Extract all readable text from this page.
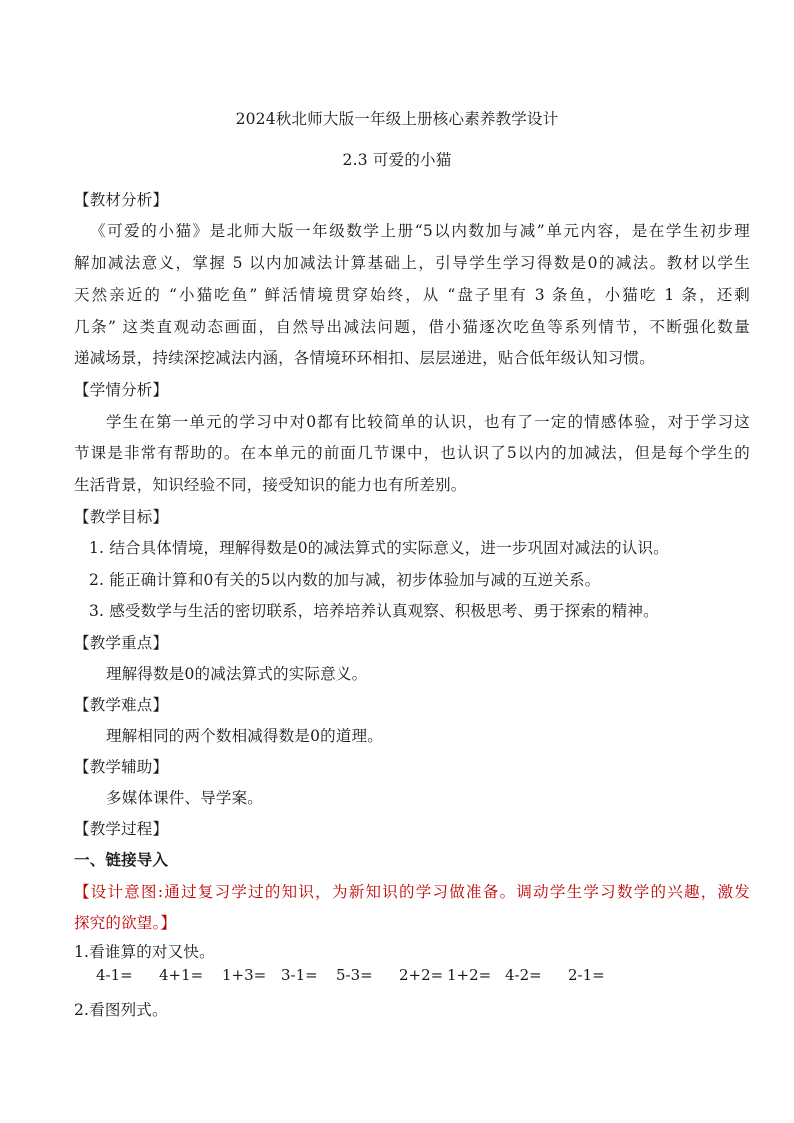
2024秋北师大版一年级上册核心素养教学设计
2.3 可爱的小猫
【教材分析】
《可爱的小猫》是北师大版一年级数学上册“5以内数加与减”单元内容，是在学生初步理
解加减法意义，掌握 5 以内加减法计算基础上，引导学生学习得数是0的减法。教材以学生
天然亲近的 “小猫吃鱼” 鲜活情境贯穿始终，从 “盘子里有 3 条鱼，小猫吃 1 条，还剩
几条” 这类直观动态画面，自然导出减法问题，借小猫逐次吃鱼等系列情节，不断强化数量
递减场景，持续深挖减法内涵，各情境环环相扣、层层递进，贴合低年级认知习惯。
【学情分析】
学生在第一单元的学习中对0都有比较简单的认识，也有了一定的情感体验，对于学习这
节课是非常有帮助的。在本单元的前面几节课中，也认识了5以内的加减法，但是每个学生的
生活背景，知识经验不同，接受知识的能力也有所差别。
【教学目标】
1. 结合具体情境，理解得数是0的减法算式的实际意义，进一步巩固对减法的认识。
2. 能正确计算和0有关的5以内数的加与减，初步体验加与减的互逆关系。
3. 感受数学与生活的密切联系，培养培养认真观察、积极思考、勇于探索的精神。
【教学重点】
理解得数是0的减法算式的实际意义。
【教学难点】
理解相同的两个数相减得数是0的道理。
【教学辅助】
多媒体课件、导学案。
【教学过程】
一、链接导入
【设计意图:通过复习学过的知识，为新知识的学习做准备。调动学生学习数学的兴趣，激发
探究的欲望。】
1.看谁算的对又快。
4-1= 4+1= 1+3= 3-1= 5-3= 2+2= 1+2= 4-2= 2-1=
2.看图列式。
